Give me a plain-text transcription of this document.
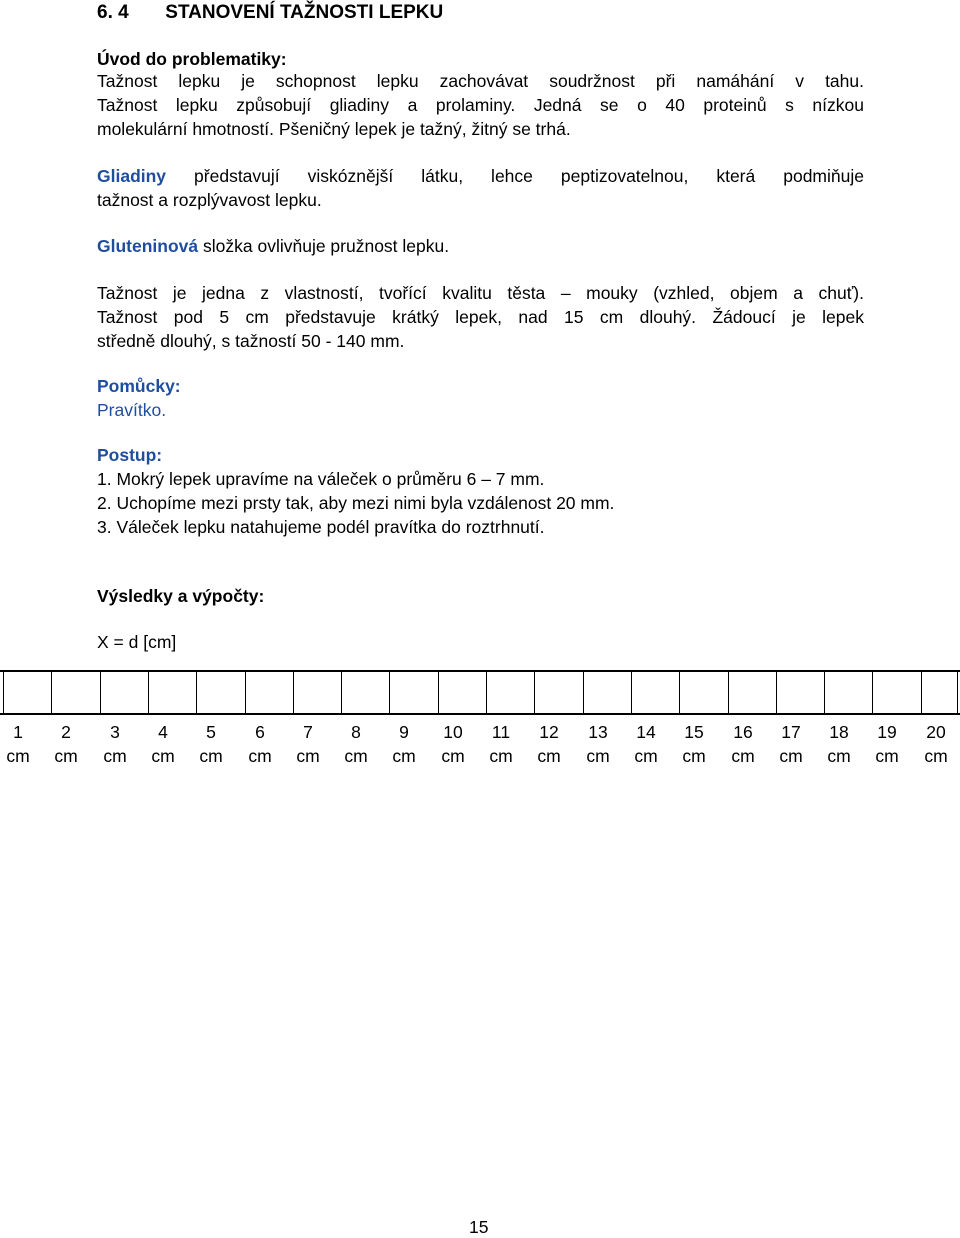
6. 4 STANOVENÍ TAŽNOSTI LEPKU
Úvod do problematiky:
Tažnost lepku je schopnost lepku zachovávat soudržnost při namáhání v tahu.
Tažnost lepku způsobují gliadiny a prolaminy. Jedná se o 40 proteinů s nízkou
molekulární hmotností. Pšeničný lepek je tažný, žitný se trhá.
Gliadiny představují viskóznější látku, lehce peptizovatelnou, která podmiňuje
tažnost a rozplývavost lepku.
Gluteninová složka ovlivňuje pružnost lepku.
Tažnost je jedna z vlastností, tvořící kvalitu těsta – mouky (vzhled, objem a chuť).
Tažnost pod 5 cm představuje krátký lepek, nad 15 cm dlouhý. Žádoucí je lepek
středně dlouhý, s tažností 50 - 140 mm.
Pomůcky:
Pravítko.
Postup:
1. Mokrý lepek upravíme na váleček o průměru 6 – 7 mm.
2. Uchopíme mezi prsty tak, aby mezi nimi byla vzdálenost 20 mm.
3. Váleček lepku natahujeme podél pravítka do roztrhnutí.
Výsledky a výpočty:
X = d [cm]
1
cm
2
cm
3
cm
4
cm
5
cm
6
cm
7
cm
8
cm
9
cm
10
cm
11
cm
12
cm
13
cm
14
cm
15
cm
16
cm
17
cm
18
cm
19
cm
20
cm
15
